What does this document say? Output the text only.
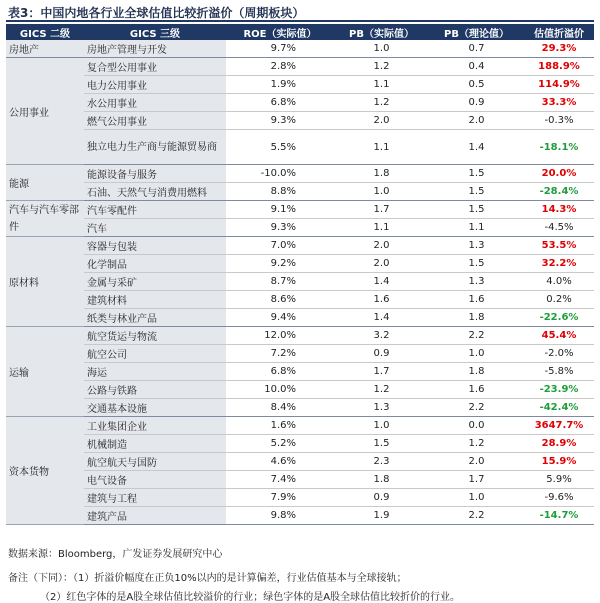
表3：中国内地各行业全球估值比较折溢价（周期板块）
GICS 二级	GICS 三级	ROE（实际值）	PB（实际值）	PB（理论值）	估值折溢价
房地产	房地产管理与开发	9.7%	1.0	0.7	29.3%
公用事业	复合型公用事业	2.8%	1.2	0.4	188.9%
	电力公用事业	1.9%	1.1	0.5	114.9%
	水公用事业	6.8%	1.2	0.9	33.3%
	燃气公用事业	9.3%	2.0	2.0	-0.3%
	独立电力生产商与能源贸易商	5.5%	1.1	1.4	-18.1%
能源	能源设备与服务	-10.0%	1.8	1.5	20.0%
	石油、天然气与消费用燃料	8.8%	1.0	1.5	-28.4%
汽车与汽车零部件	汽车零配件	9.1%	1.7	1.5	14.3%
	汽车	9.3%	1.1	1.1	-4.5%
原材料	容器与包装	7.0%	2.0	1.3	53.5%
	化学制品	9.2%	2.0	1.5	32.2%
	金属与采矿	8.7%	1.4	1.3	4.0%
	建筑材料	8.6%	1.6	1.6	0.2%
	纸类与林业产品	9.4%	1.4	1.8	-22.6%
运输	航空货运与物流	12.0%	3.2	2.2	45.4%
	航空公司	7.2%	0.9	1.0	-2.0%
	海运	6.8%	1.7	1.8	-5.8%
	公路与铁路	10.0%	1.2	1.6	-23.9%
	交通基本设施	8.4%	1.3	2.2	-42.4%
资本货物	工业集团企业	1.6%	1.0	0.0	3647.7%
	机械制造	5.2%	1.5	1.2	28.9%
	航空航天与国防	4.6%	2.3	2.0	15.9%
	电气设备	7.4%	1.8	1.7	5.9%
	建筑与工程	7.9%	0.9	1.0	-9.6%
	建筑产品	9.8%	1.9	2.2	-14.7%
数据来源：Bloomberg，广发证券发展研究中心
备注（下同）：（1）折溢价幅度在正负10%以内的是计算偏差，行业估值基本与全球接轨；
（2）红色字体的是A股全球估值比较溢价的行业；绿色字体的是A股全球估值比较折价的行业。
